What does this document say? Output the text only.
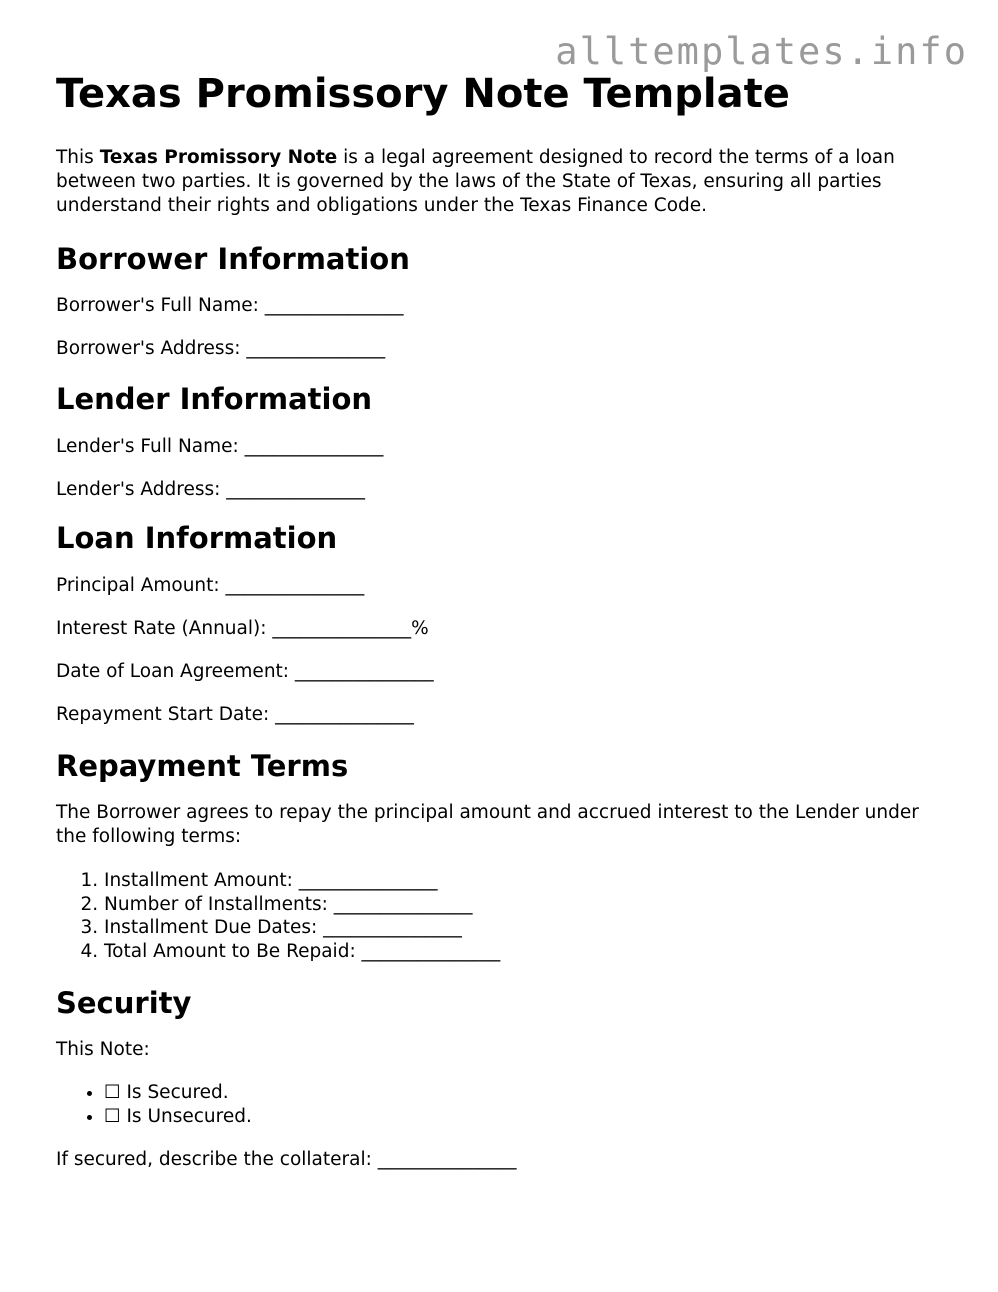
alltemplates.info
Texas Promissory Note Template

This Texas Promissory Note is a legal agreement designed to record the terms of a loan between two parties. It is governed by the laws of the State of Texas, ensuring all parties understand their rights and obligations under the Texas Finance Code.

Borrower Information

Borrower's Full Name: _______________

Borrower's Address: _______________

Lender Information

Lender's Full Name: _______________

Lender's Address: _______________

Loan Information

Principal Amount: _______________

Interest Rate (Annual): _______________%

Date of Loan Agreement: _______________

Repayment Start Date: _______________

Repayment Terms

The Borrower agrees to repay the principal amount and accrued interest to the Lender under the following terms:

1. Installment Amount: _______________
2. Number of Installments: _______________
3. Installment Due Dates: _______________
4. Total Amount to Be Repaid: _______________
Security

This Note:

• ☐ Is Secured.
• ☐ Is Unsecured.

If secured, describe the collateral: _______________
